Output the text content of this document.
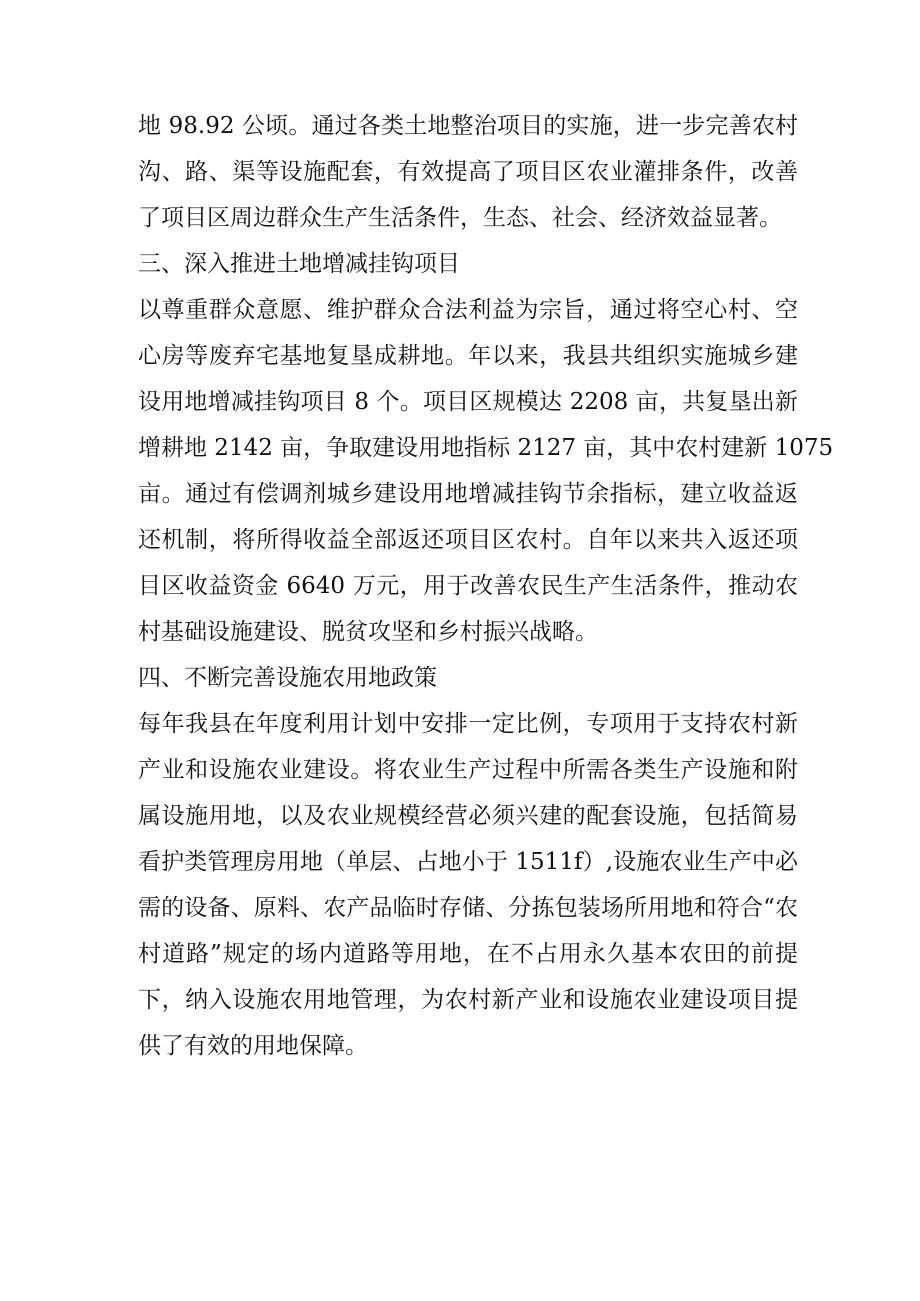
地 98.92 公顷。通过各类土地整治项目的实施，进一步完善农村
沟、路、渠等设施配套，有效提高了项目区农业灌排条件，改善
了项目区周边群众生产生活条件，生态、社会、经济效益显著。
三、深入推进土地增减挂钩项目
以尊重群众意愿、维护群众合法利益为宗旨，通过将空心村、空
心房等废弃宅基地复垦成耕地。年以来，我县共组织实施城乡建
设用地增减挂钩项目 8 个。项目区规模达 2208 亩，共复垦出新
增耕地 2142 亩，争取建设用地指标 2127 亩，其中农村建新 1075
亩。通过有偿调剂城乡建设用地增减挂钩节余指标，建立收益返
还机制，将所得收益全部返还项目区农村。自年以来共入返还项
目区收益资金 6640 万元，用于改善农民生产生活条件，推动农
村基础设施建设、脱贫攻坚和乡村振兴战略。
四、不断完善设施农用地政策
每年我县在年度利用计划中安排一定比例，专项用于支持农村新
产业和设施农业建设。将农业生产过程中所需各类生产设施和附
属设施用地，以及农业规模经营必须兴建的配套设施，包括简易
看护类管理房用地（单层、占地小于 1511f）,设施农业生产中必
需的设备、原料、农产品临时存储、分拣包装场所用地和符合“农
村道路”规定的场内道路等用地，在不占用永久基本农田的前提
下，纳入设施农用地管理，为农村新产业和设施农业建设项目提
供了有效的用地保障。
